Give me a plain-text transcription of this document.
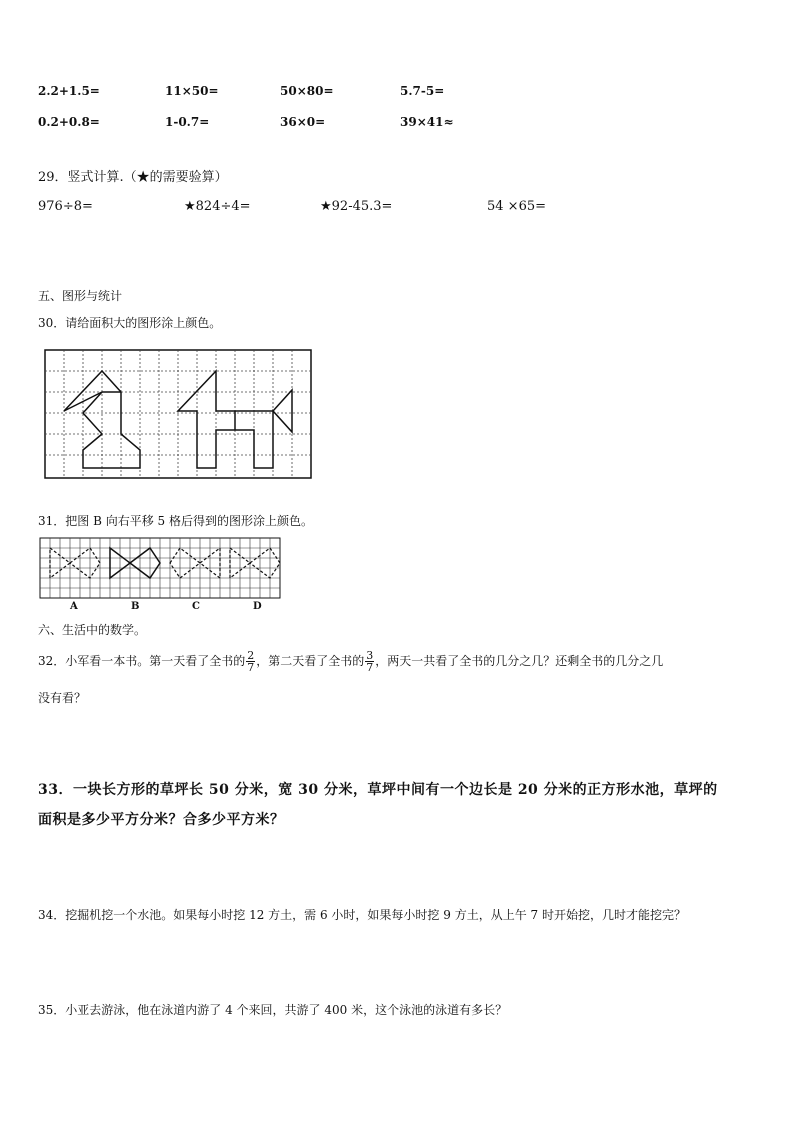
2.2+1.5=	11×50=	50×80=	5.7-5=
0.2+0.8=	1-0.7=	36×0=	39×41≈
29．竖式计算.（★的需要验算）
976÷8=	★824÷4=	★92-45.3=	54 ×65=
五、图形与统计
30．请给面积大的图形涂上颜色。
31．把图 B 向右平移 5 格后得到的图形涂上颜色。
A	B	C	D
六、生活中的数学。
32．小军看一本书。第一天看了全书的 $\frac{2}{7}$ ，第二天看了全书的 $\frac{3}{7}$ ，两天一共看了全书的几分之几？还剩全书的几分之几
没有看？
33．一块长方形的草坪长 50 分米，宽 30 分米，草坪中间有一个边长是 20 分米的正方形水池，草坪的
面积是多少平方分米？合多少平方米？
34．挖掘机挖一个水池。如果每小时挖 12 方土，需 6 小时，如果每小时挖 9 方土，从上午 7 时开始挖，几时才能挖完？
35．小亚去游泳，他在泳道内游了 4 个来回，共游了 400 米，这个泳池的泳道有多长？
